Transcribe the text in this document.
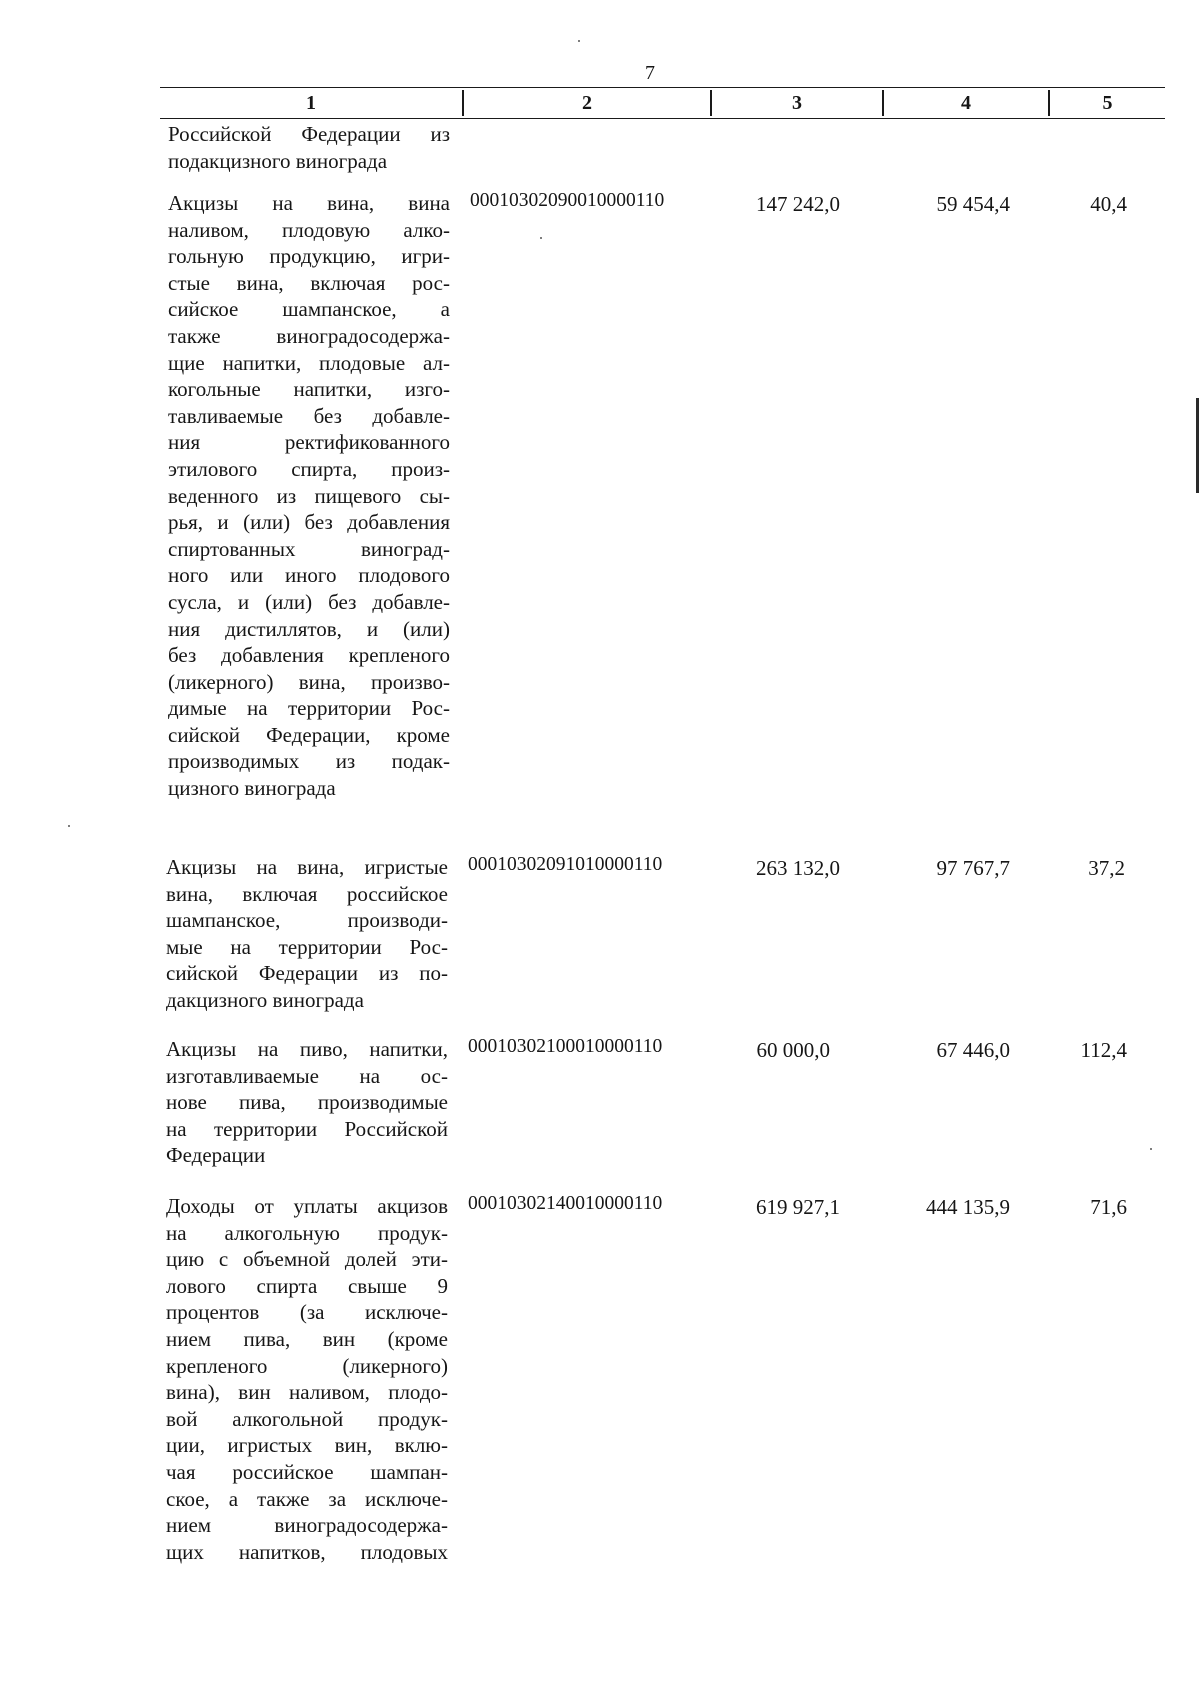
7
1	2	3	4	5
Российской Федерации из
подакцизного винограда
Акцизы на вина, вина
наливом, плодовую алко-
гольную продукцию, игри-
стые вина, включая рос-
сийское шампанское, а
также виноградосодержа-
щие напитки, плодовые ал-
когольные напитки, изго-
тавливаемые без добавле-
ния ректификованного
этилового спирта, произ-
веденного из пищевого сы-
рья, и (или) без добавления
спиртованных виноград-
ного или иного плодового
сусла, и (или) без добавле-
ния дистиллятов, и (или)
без добавления крепленого
(ликерного) вина, произво-
димые на территории Рос-
сийской Федерации, кроме
производимых из подак-
цизного винограда
00010302090010000110	147 242,0	59 454,4	40,4
Акцизы на вина, игристые
вина, включая российское
шампанское, производи-
мые на территории Рос-
сийской Федерации из по-
дакцизного винограда
00010302091010000110	263 132,0	97 767,7	37,2
Акцизы на пиво, напитки,
изготавливаемые на ос-
нове пива, производимые
на территории Российской
Федерации
00010302100010000110	60 000,0	67 446,0	112,4
Доходы от уплаты акцизов
на алкогольную продук-
цию с объемной долей эти-
лового спирта свыше 9
процентов (за исключе-
нием пива, вин (кроме
крепленого (ликерного)
вина), вин наливом, плодо-
вой алкогольной продук-
ции, игристых вин, вклю-
чая российское шампан-
ское, а также за исключе-
нием виноградосодержа-
щих напитков, плодовых
00010302140010000110	619 927,1	444 135,9	71,6
